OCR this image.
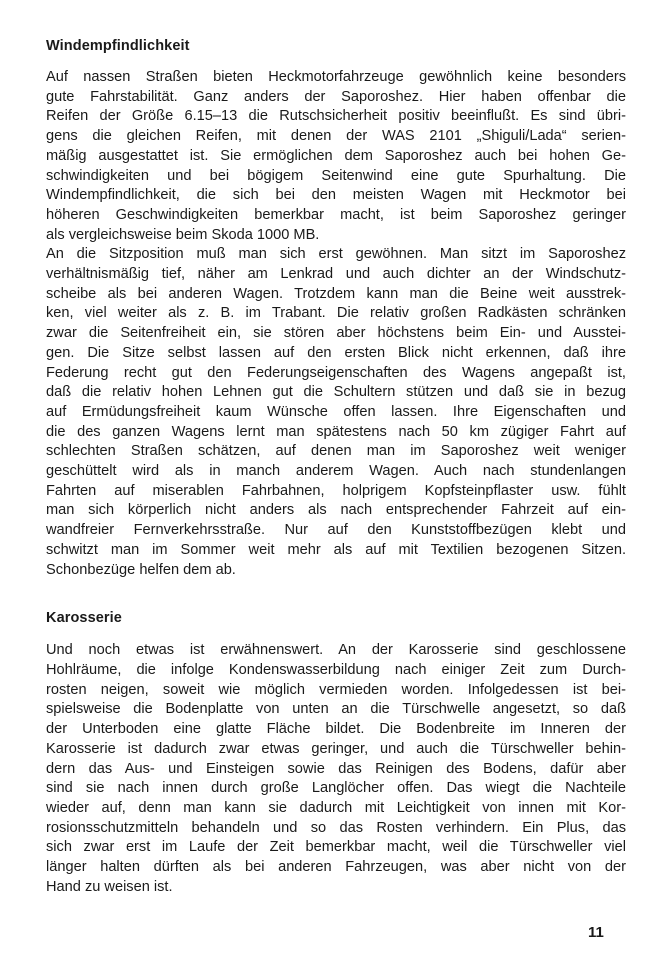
Windempfindlichkeit
Auf nassen Straßen bieten Heckmotorfahrzeuge gewöhnlich keine besonders
gute Fahrstabilität. Ganz anders der Saporoshez. Hier haben offenbar die
Reifen der Größe 6.15–13 die Rutschsicherheit positiv beeinflußt. Es sind übri-
gens die gleichen Reifen, mit denen der WAS 2101 „Shiguli/Lada“ serien-
mäßig ausgestattet ist. Sie ermöglichen dem Saporoshez auch bei hohen Ge-
schwindigkeiten und bei bögigem Seitenwind eine gute Spurhaltung. Die
Windempfindlichkeit, die sich bei den meisten Wagen mit Heckmotor bei
höheren Geschwindigkeiten bemerkbar macht, ist beim Saporoshez geringer
als vergleichsweise beim Skoda 1000 MB.
An die Sitzposition muß man sich erst gewöhnen. Man sitzt im Saporoshez
verhältnismäßig tief, näher am Lenkrad und auch dichter an der Windschutz-
scheibe als bei anderen Wagen. Trotzdem kann man die Beine weit ausstrek-
ken, viel weiter als z. B. im Trabant. Die relativ großen Radkästen schränken
zwar die Seitenfreiheit ein, sie stören aber höchstens beim Ein- und Ausstei-
gen. Die Sitze selbst lassen auf den ersten Blick nicht erkennen, daß ihre
Federung recht gut den Federungseigenschaften des Wagens angepaßt ist,
daß die relativ hohen Lehnen gut die Schultern stützen und daß sie in bezug
auf Ermüdungsfreiheit kaum Wünsche offen lassen. Ihre Eigenschaften und
die des ganzen Wagens lernt man spätestens nach 50 km zügiger Fahrt auf
schlechten Straßen schätzen, auf denen man im Saporoshez weit weniger
geschüttelt wird als in manch anderem Wagen. Auch nach stundenlangen
Fahrten auf miserablen Fahrbahnen, holprigem Kopfsteinpflaster usw. fühlt
man sich körperlich nicht anders als nach entsprechender Fahrzeit auf ein-
wandfreier Fernverkehrsstraße. Nur auf den Kunststoffbezügen klebt und
schwitzt man im Sommer weit mehr als auf mit Textilien bezogenen Sitzen.
Schonbezüge helfen dem ab.
Karosserie
Und noch etwas ist erwähnenswert. An der Karosserie sind geschlossene
Hohlräume, die infolge Kondenswasserbildung nach einiger Zeit zum Durch-
rosten neigen, soweit wie möglich vermieden worden. Infolgedessen ist bei-
spielsweise die Bodenplatte von unten an die Türschwelle angesetzt, so daß
der Unterboden eine glatte Fläche bildet. Die Bodenbreite im Inneren der
Karosserie ist dadurch zwar etwas geringer, und auch die Türschweller behin-
dern das Aus- und Einsteigen sowie das Reinigen des Bodens, dafür aber
sind sie nach innen durch große Langlöcher offen. Das wiegt die Nachteile
wieder auf, denn man kann sie dadurch mit Leichtigkeit von innen mit Kor-
rosionsschutzmitteln behandeln und so das Rosten verhindern. Ein Plus, das
sich zwar erst im Laufe der Zeit bemerkbar macht, weil die Türschweller viel
länger halten dürften als bei anderen Fahrzeugen, was aber nicht von der
Hand zu weisen ist.
11
